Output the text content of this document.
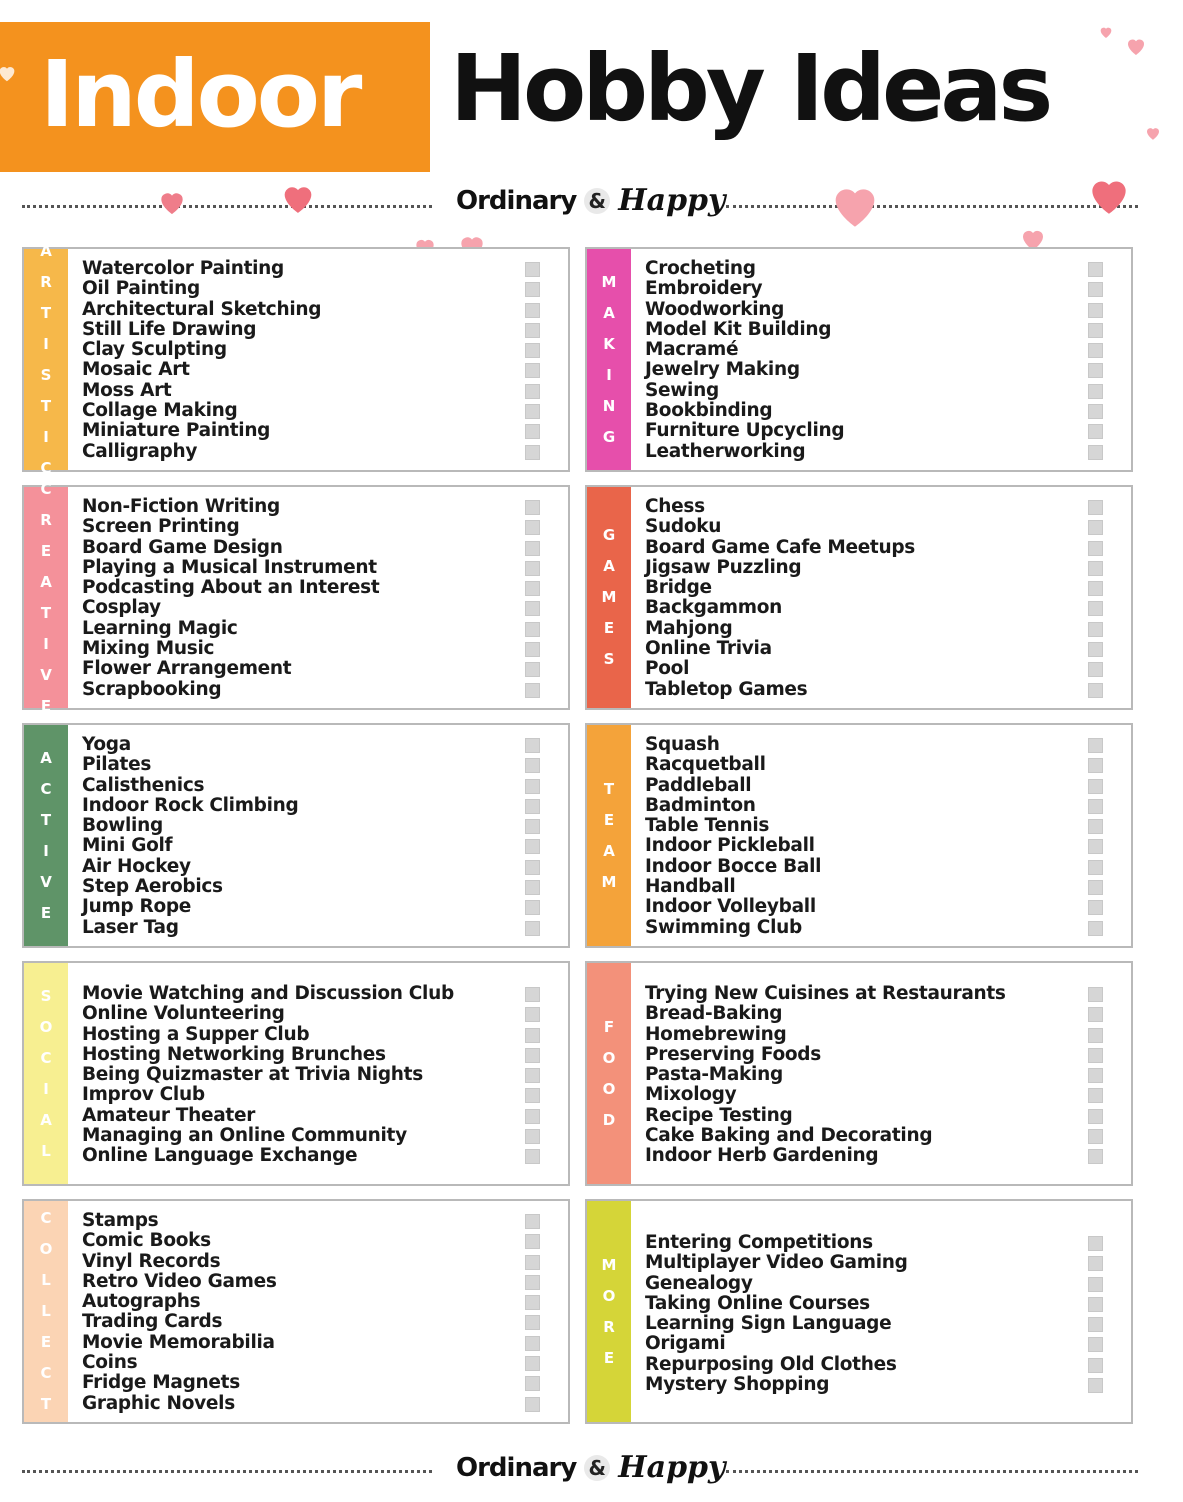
Indoor Hobby Ideas
Ordinary & Happy
A
R
T
I
S
T
I
C
Watercolor Painting
Oil Painting
Architectural Sketching
Still Life Drawing
Clay Sculpting
Mosaic Art
Moss Art
Collage Making
Miniature Painting
Calligraphy
M
A
K
I
N
G
Crocheting
Embroidery
Woodworking
Model Kit Building
Macramé
Jewelry Making
Sewing
Bookbinding
Furniture Upcycling
Leatherworking
C
R
E
A
T
I
V
E
Non-Fiction Writing
Screen Printing
Board Game Design
Playing a Musical Instrument
Podcasting About an Interest
Cosplay
Learning Magic
Mixing Music
Flower Arrangement
Scrapbooking
G
A
M
E
S
Chess
Sudoku
Board Game Cafe Meetups
Jigsaw Puzzling
Bridge
Backgammon
Mahjong
Online Trivia
Pool
Tabletop Games
A
C
T
I
V
E
Yoga
Pilates
Calisthenics
Indoor Rock Climbing
Bowling
Mini Golf
Air Hockey
Step Aerobics
Jump Rope
Laser Tag
T
E
A
M
Squash
Racquetball
Paddleball
Badminton
Table Tennis
Indoor Pickleball
Indoor Bocce Ball
Handball
Indoor Volleyball
Swimming Club
S
O
C
I
A
L
Movie Watching and Discussion Club
Online Volunteering
Hosting a Supper Club
Hosting Networking Brunches
Being Quizmaster at Trivia Nights
Improv Club
Amateur Theater
Managing an Online Community
Online Language Exchange
F
O
O
D
Trying New Cuisines at Restaurants
Bread-Baking
Homebrewing
Preserving Foods
Pasta-Making
Mixology
Recipe Testing
Cake Baking and Decorating
Indoor Herb Gardening
C
O
L
L
E
C
T
Stamps
Comic Books
Vinyl Records
Retro Video Games
Autographs
Trading Cards
Movie Memorabilia
Coins
Fridge Magnets
Graphic Novels
M
O
R
E
Entering Competitions
Multiplayer Video Gaming
Genealogy
Taking Online Courses
Learning Sign Language
Origami
Repurposing Old Clothes
Mystery Shopping
Ordinary & Happy
